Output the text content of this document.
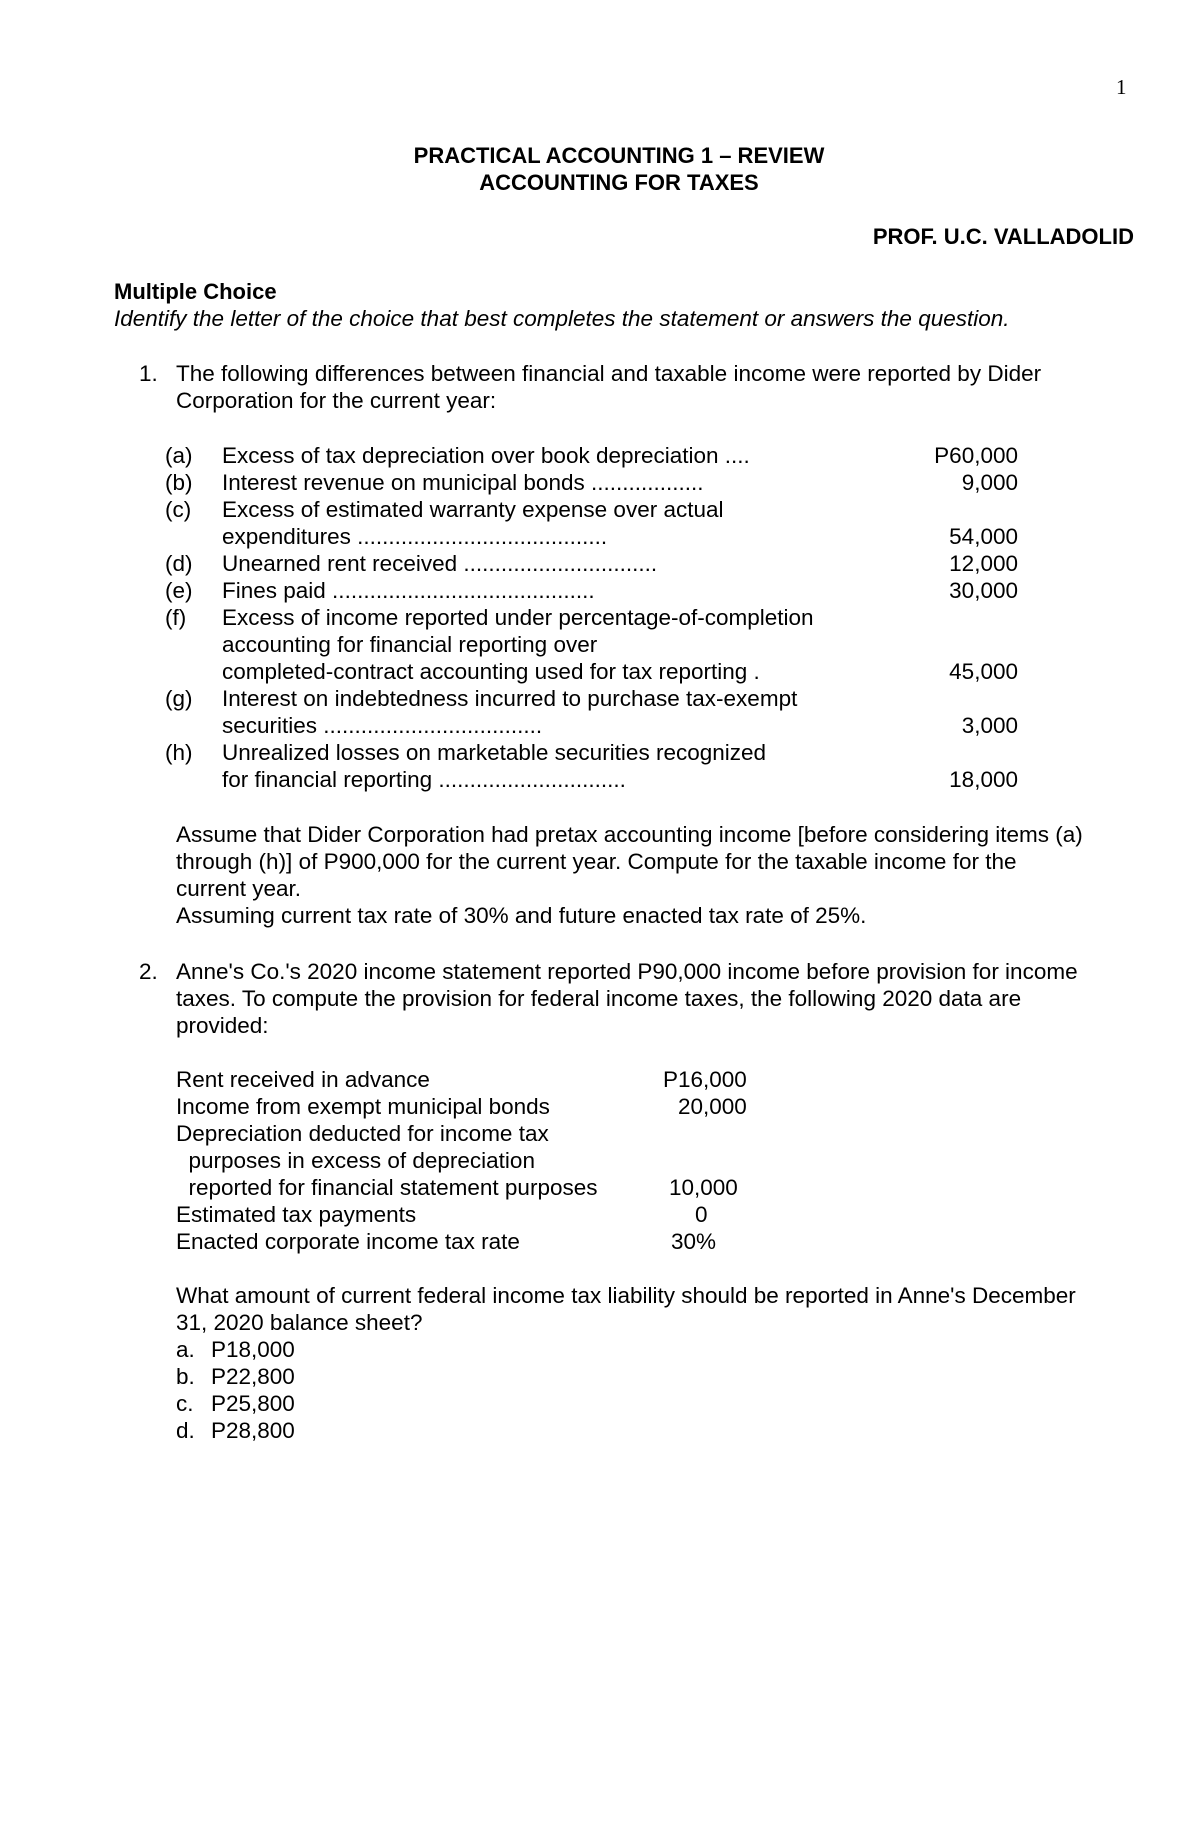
1
PRACTICAL ACCOUNTING 1 – REVIEW
ACCOUNTING FOR TAXES
PROF. U.C. VALLADOLID
Multiple Choice
Identify the letter of the choice that best completes the statement or answers the question.
1. The following differences between financial and taxable income were reported by Dider
Corporation for the current year:
(a) Excess of tax depreciation over book depreciation ....	P60,000
(b) Interest revenue on municipal bonds ..................	9,000
(c) Excess of estimated warranty expense over actual
expenditures ........................................	54,000
(d) Unearned rent received ...............................	12,000
(e) Fines paid ..........................................	30,000
(f) Excess of income reported under percentage-of-completion
accounting for financial reporting over
completed-contract accounting used for tax reporting .	45,000
(g) Interest on indebtedness incurred to purchase tax-exempt
securities ...................................	3,000
(h) Unrealized losses on marketable securities recognized
for financial reporting ..............................	18,000
Assume that Dider Corporation had pretax accounting income [before considering items (a)
through (h)] of P900,000 for the current year. Compute for the taxable income for the
current year.
Assuming current tax rate of 30% and future enacted tax rate of 25%.
2. Anne's Co.'s 2020 income statement reported P90,000 income before provision for income
taxes. To compute the provision for federal income taxes, the following 2020 data are
provided:
Rent received in advance	P16,000
Income from exempt municipal bonds	20,000
Depreciation deducted for income tax
purposes in excess of depreciation
reported for financial statement purposes	10,000
Estimated tax payments	0
Enacted corporate income tax rate	30%
What amount of current federal income tax liability should be reported in Anne's December
31, 2020 balance sheet?
a. P18,000
b. P22,800
c. P25,800
d. P28,800
